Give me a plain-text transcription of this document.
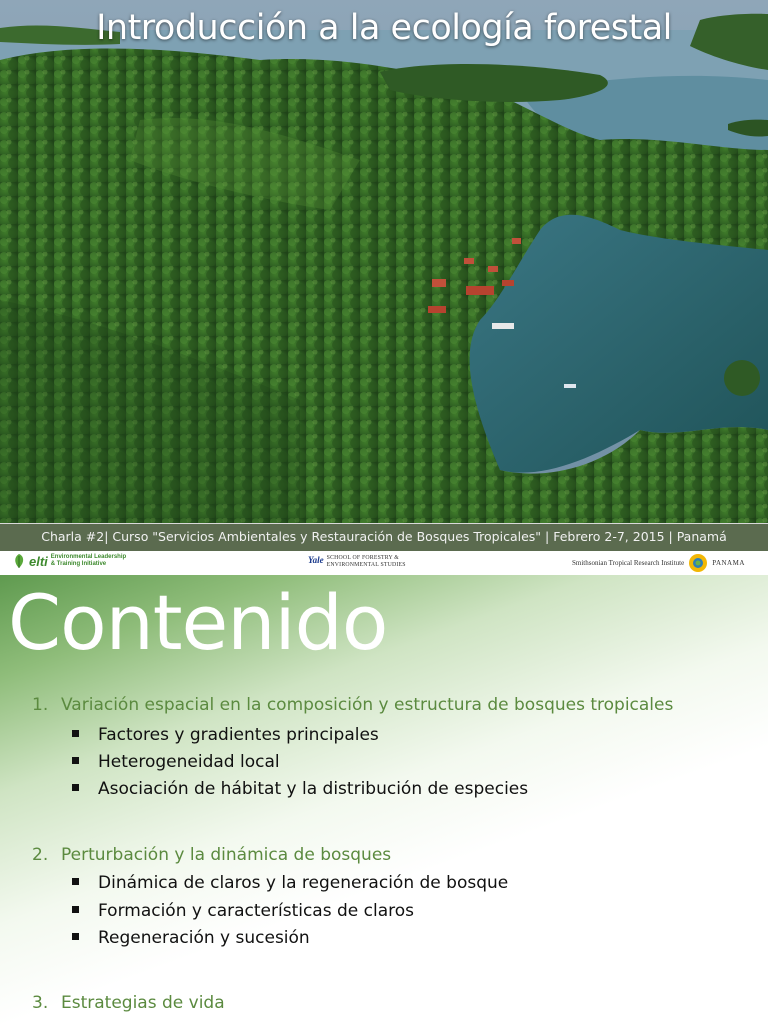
Introducción a la ecología forestal
Charla #2| Curso "Servicios Ambientales y Restauración de Bosques Tropicales" | Febrero 2-7, 2015 | Panamá
elti Environmental Leadership
& Training Initiative	Yale SCHOOL OF FORESTRY &
ENVIRONMENTAL STUDIES	Smithsonian Tropical Research Institute	PANAMA
Contenido
1. Variación espacial en la composición y estructura de bosques tropicales
Factores y gradientes principales
Heterogeneidad local
Asociación de hábitat y la distribución de especies
2. Perturbación y la dinámica de bosques
Dinámica de claros y la regeneración de bosque
Formación y características de claros
Regeneración y sucesión
3. Estrategias de vida
